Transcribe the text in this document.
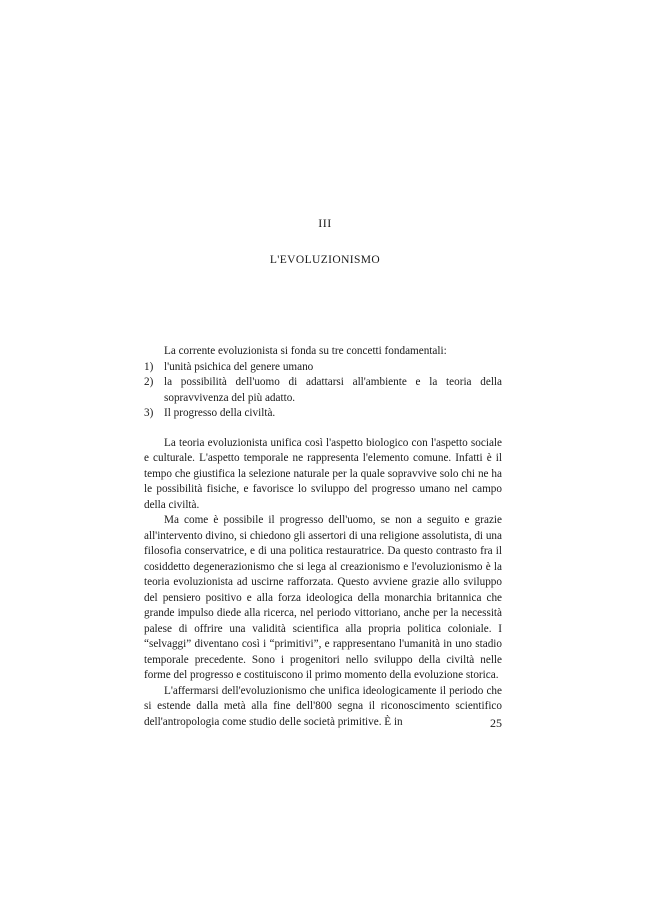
III
L'EVOLUZIONISMO

La corrente evoluzionista si fonda su tre concetti fondamentali:

1) l'unità psichica del genere umano
2) la possibilità dell'uomo di adattarsi all'ambiente e la teoria della sopravvivenza del più adatto.
3) Il progresso della civiltà.

La teoria evoluzionista unifica così l'aspetto biologico con l'aspetto sociale e culturale. L'aspetto temporale ne rappresenta l'elemento comune. Infatti è il tempo che giustifica la selezione naturale per la quale sopravvive solo chi ne ha le possibilità fisiche, e favorisce lo sviluppo del progresso umano nel campo della civiltà.

Ma come è possibile il progresso dell'uomo, se non a seguito e grazie all'intervento divino, si chiedono gli assertori di una religione assolutista, di una filosofia conservatrice, e di una politica restauratrice. Da questo contrasto fra il cosiddetto degenerazionismo che si lega al creazionismo e l'evoluzionismo è la teoria evoluzionista ad uscirne rafforzata. Questo avviene grazie allo sviluppo del pensiero positivo e alla forza ideologica della monarchia britannica che grande impulso diede alla ricerca, nel periodo vittoriano, anche per la necessità palese di offrire una validità scientifica alla propria politica coloniale. I “selvaggi” diventano così i “primitivi”, e rappresentano l'umanità in uno stadio temporale precedente. Sono i progenitori nello sviluppo della civiltà nelle forme del progresso e costituiscono il primo momento della evoluzione storica.

L'affermarsi dell'evoluzionismo che unifica ideologicamente il periodo che si estende dalla metà alla fine dell'800 segna il riconoscimento scientifico dell'antropologia come studio delle società primitive. È in	25
